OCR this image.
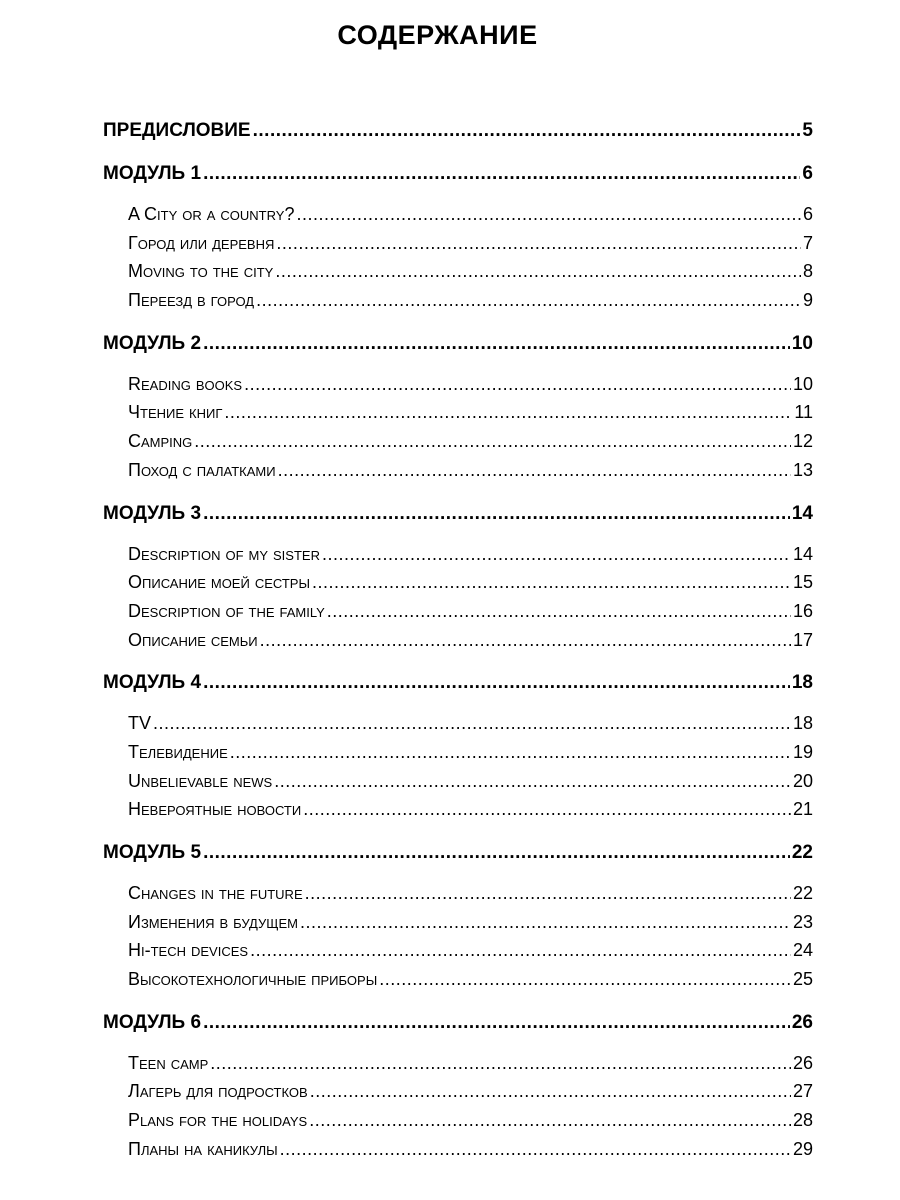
СОДЕРЖАНИЕ
ПРЕДИСЛОВИЕ .....	5
МОДУЛЬ 1 .....	6
A City or a country? .....	6
Город или деревня .....	7
Moving to the city .....	8
Переезд в город .....	9
МОДУЛЬ 2 .....	10
Reading books .....	10
Чтение книг .....	11
Camping .....	12
Поход с палатками .....	13
МОДУЛЬ 3 .....	14
Description of my sister .....	14
Описание моей сестры .....	15
Description of the family .....	16
Описание семьи .....	17
МОДУЛЬ 4 .....	18
TV .....	18
Телевидение .....	19
Unbelievable news .....	20
Невероятные новости .....	21
МОДУЛЬ 5 .....	22
Changes in the future .....	22
Изменения в будущем .....	23
Hi-tech devices .....	24
Высокотехнологичные приборы .....	25
МОДУЛЬ 6 .....	26
Teen camp .....	26
Лагерь для подростков .....	27
Plans for the holidays .....	28
Планы на каникулы .....	29
